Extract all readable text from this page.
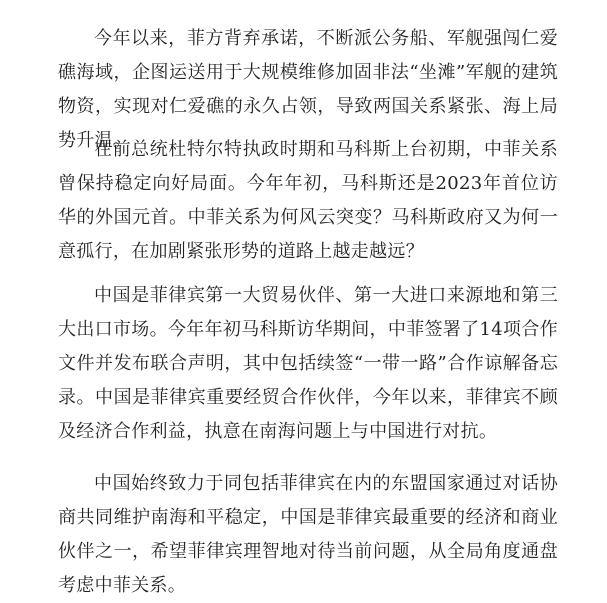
今年以来，菲方背弃承诺，不断派公务船、军舰强闯仁爱礁海域，企图运送用于大规模维修加固非法“坐滩”军舰的建筑物资，实现对仁爱礁的永久占领，导致两国关系紧张、海上局势升温。

在前总统杜特尔特执政时期和马科斯上台初期，中菲关系曾保持稳定向好局面。今年年初，马科斯还是2023年首位访华的外国元首。中菲关系为何风云突变？马科斯政府又为何一意孤行，在加剧紧张形势的道路上越走越远？

中国是菲律宾第一大贸易伙伴、第一大进口来源地和第三大出口市场。今年年初马科斯访华期间，中菲签署了14项合作文件并发布联合声明，其中包括续签“一带一路”合作谅解备忘录。中国是菲律宾重要经贸合作伙伴，今年以来，菲律宾不顾及经济合作利益，执意在南海问题上与中国进行对抗。

中国始终致力于同包括菲律宾在内的东盟国家通过对话协商共同维护南海和平稳定，中国是菲律宾最重要的经济和商业伙伴之一，希望菲律宾理智地对待当前问题，从全局角度通盘考虑中菲关系。
